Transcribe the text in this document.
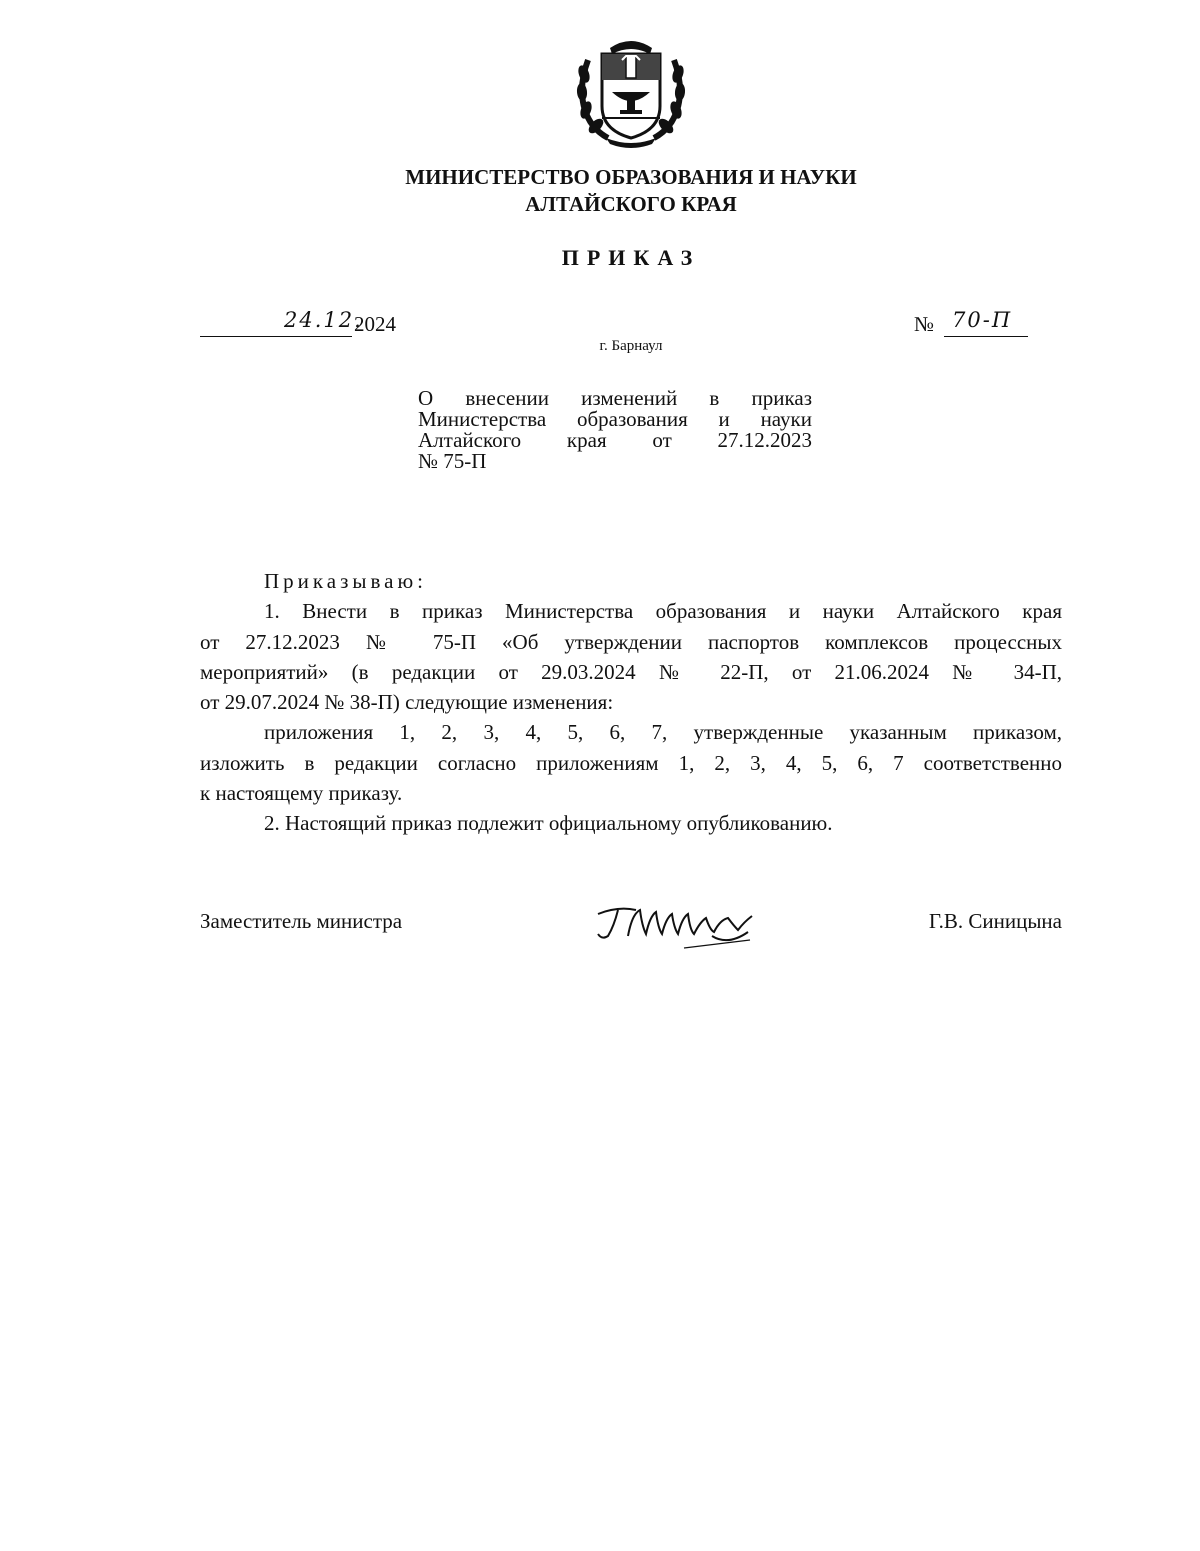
МИНИСТЕРСТВО ОБРАЗОВАНИЯ И НАУКИ
АЛТАЙСКОГО КРАЯ
ПРИКАЗ
24.12.
2024	№ 70-П
г. Барнаул
О внесении изменений в приказ
Министерства образования и науки
Алтайского края от 27.12.2023
№ 75-П

Приказываю:

1. Внести в приказ Министерства образования и науки Алтайского края

от 27.12.2023 № 75-П «Об утверждении паспортов комплексов процессных

мероприятий» (в редакции от 29.03.2024 № 22-П, от 21.06.2024 № 34-П,

от 29.07.2024 № 38-П) следующие изменения:

приложения 1, 2, 3, 4, 5, 6, 7, утвержденные указанным приказом,

изложить в редакции согласно приложениям 1, 2, 3, 4, 5, 6, 7 соответственно

к настоящему приказу.

2. Настоящий приказ подлежит официальному опубликованию.

Заместитель министра	Г.В. Синицына
